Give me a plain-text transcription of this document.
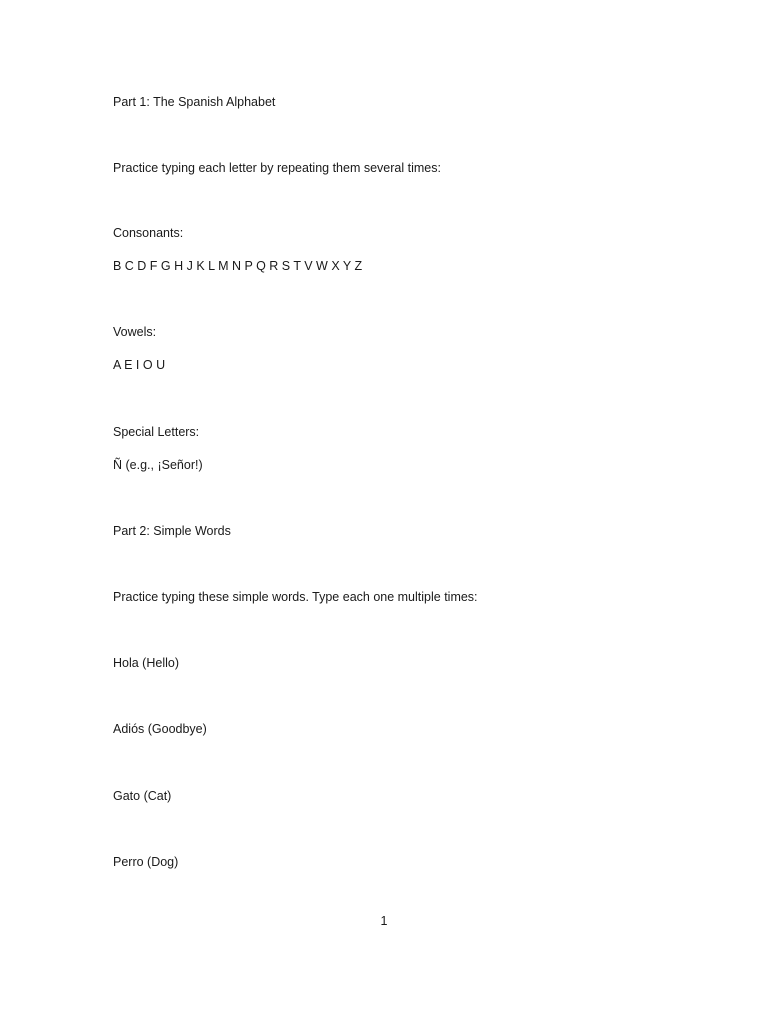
Part 1: The Spanish Alphabet
Practice typing each letter by repeating them several times:
Consonants:
B C D F G H J K L M N P Q R S T V W X Y Z
Vowels:
A E I O U
Special Letters:
Ñ (e.g., ¡Señor!)
Part 2: Simple Words
Practice typing these simple words. Type each one multiple times:
Hola (Hello)
Adiós (Goodbye)
Gato (Cat)
Perro (Dog)
1
